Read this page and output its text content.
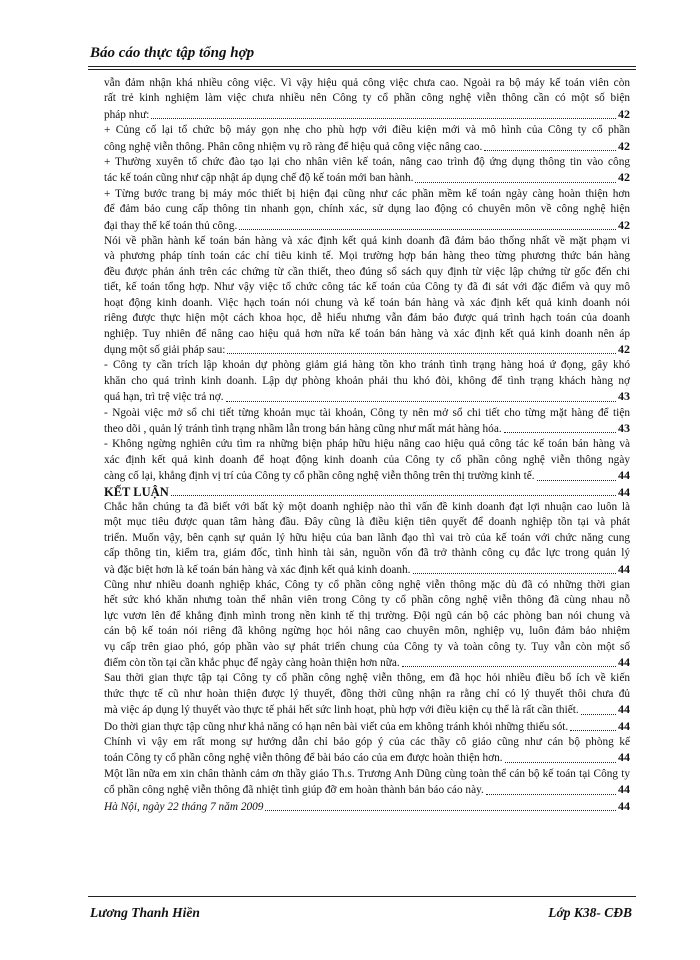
Báo cáo thực tập tổng hợp
vẫn đảm nhận khá nhiều công việc. Vì vậy hiệu quả công việc chưa cao. Ngoài ra bộ máy kế toán viên còn
rất trẻ kinh nghiệm làm việc chưa nhiều nên Công ty cổ phần công nghệ viễn thông cần có một số biện
pháp như:	42
+ Củng cố lại tổ chức bộ máy gọn nhẹ cho phù hợp với điều kiện mới và mô hình của Công ty cổ phần
công nghệ viễn thông. Phân công nhiệm vụ rõ ràng để hiệu quả công việc nâng cao.	42
+ Thường xuyên tổ chức đào tạo lại cho nhân viên kế toán, nâng cao trình độ ứng dụng thông tin vào công
tác kế toán cũng như cập nhật áp dụng chế độ kế toán mới ban hành.	42
+ Từng bước trang bị máy móc thiết bị hiện đại cũng như các phần mềm kế toán ngày càng hoàn thiện hơn
để đảm bảo cung cấp thông tin nhanh gọn, chính xác, sử dụng lao động có chuyên môn về công nghệ hiện
đại thay thế kế toán thủ công.	42
Nói về phần hành kế toán bán hàng và xác định kết quả kinh doanh đã đảm bảo thống nhất về mặt phạm vi
và phương pháp tính toán các chỉ tiêu kinh tế. Mọi trường hợp bán hàng theo từng phương thức bán hàng
đều được phản ánh trên các chứng từ cần thiết, theo đúng sổ sách quy định từ việc lập chứng từ gốc đến chi
tiết, kế toán tổng hợp. Như vậy việc tổ chức công tác kế toán của Công ty đã đi sát với đặc điểm và quy mô
hoạt động kinh doanh. Việc hạch toán nói chung và kế toán bán hàng và xác định kết quả kinh doanh nói
riêng được thực hiện một cách khoa học, dễ hiểu nhưng vẫn đảm bảo được quá trình hạch toán của doanh
nghiệp. Tuy nhiên để nâng cao hiệu quả hơn nữa kế toán bán hàng và xác định kết quả kinh doanh nên áp
dụng một số giải pháp sau:	42
- Công ty cần trích lập khoản dự phòng giảm giá hàng tồn kho tránh tình trạng hàng hoá ứ đọng, gây khó
khăn cho quá trình kinh doanh. Lập dự phòng khoản phải thu khó đòi, không để tình trạng khách hàng nợ
quá hạn, trì trệ việc trả nợ.	43
- Ngoài việc mở sổ chi tiết từng khoản mục tài khoản, Công ty nên mở sổ chi tiết cho từng mặt hàng để tiện
theo dõi , quản lý tránh tình trạng nhầm lẫn trong bán hàng cũng như mất mát hàng hóa.	43
- Không ngừng nghiên cứu tìm ra những biện pháp hữu hiệu nâng cao hiệu quả công tác kế toán bán hàng và
xác định kết quả kinh doanh để hoạt động kinh doanh của Công ty cổ phần công nghệ viễn thông ngày
càng cố lại, khẳng định vị trí của Công ty cổ phần công nghệ viễn thông trên thị trường kinh tế.	44
KẾT LUẬN	44
Chắc hẳn chúng ta đã biết với bất kỳ một doanh nghiệp nào thì vấn đề kinh doanh đạt lợi nhuận cao luôn là
một mục tiêu được quan tâm hàng đầu. Đây cũng là điều kiện tiên quyết để doanh nghiệp tồn tại và phát
triển. Muốn vậy, bên cạnh sự quản lý hữu hiệu của ban lãnh đạo thì vai trò của kế toán với chức năng cung
cấp thông tin, kiểm tra, giám đốc, tình hình tài sản, nguồn vốn đã trở thành công cụ đắc lực trong quản lý
và đặc biệt hơn là kế toán bán hàng và xác định kết quả kinh doanh.	44
Cũng như nhiều doanh nghiệp khác, Công ty cổ phần công nghệ viễn thông mặc dù đã có những thời gian
hết sức khó khăn nhưng toàn thể nhân viên trong Công ty cổ phần công nghệ viễn thông đã cùng nhau nỗ
lực vươn lên để khẳng định mình trong nền kinh tế thị trường. Đội ngũ cán bộ các phòng ban nói chung và
cán bộ kế toán nói riêng đã không ngừng học hỏi nâng cao chuyên môn, nghiệp vụ, luôn đảm bảo nhiệm
vụ cấp trên giao phó, góp phần vào sự phát triển chung của Công ty và toàn công ty. Tuy vẫn còn một số
điểm còn tồn tại cần khắc phục để ngày càng hoàn thiện hơn nữa.	44
Sau thời gian thực tập tại Công ty cổ phần công nghệ viễn thông, em đã học hỏi nhiều điều bổ ích về kiến
thức thực tế cũ như hoàn thiện được lý thuyết, đồng thời cũng nhận ra rằng chỉ có lý thuyết thôi chưa đủ
mà việc áp dụng lý thuyết vào thực tế phải hết sức linh hoạt, phù hợp với điều kiện cụ thể là rất cần thiết.	44
Do thời gian thực tập cũng như khả năng có hạn nên bài viết của em không tránh khỏi những thiếu sót.	44
Chính vì vậy em rất mong sự hướng dẫn chỉ bảo góp ý của các thầy cô giáo cũng như cán bộ phòng kế
toán Công ty cổ phần công nghệ viễn thông để bài báo cáo của em được hoàn thiện hơn.	44
Một lần nữa em xin chân thành cảm ơn thầy giáo Th.s. Trương Anh Dũng cùng toàn thể cán bộ kế toán tại Công ty
cổ phần công nghệ viễn thông đã nhiệt tình giúp đỡ em hoàn thành bản báo cáo này.	44
Hà Nội, ngày 22 tháng 7 năm 2009	44
Lương Thanh Hiền	Lớp K38- CĐB
